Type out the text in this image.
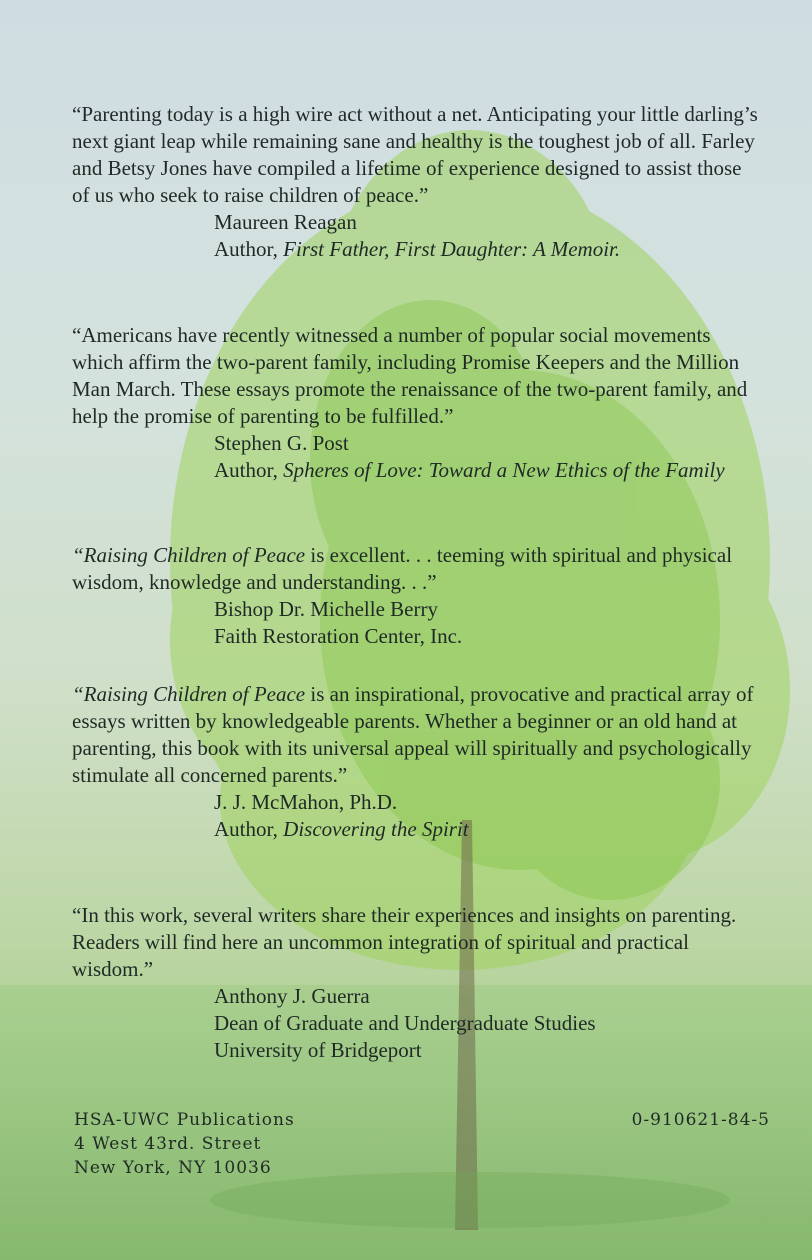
“Parenting today is a high wire act without a net. Anticipating your little darling’s next giant leap while remaining sane and healthy is the toughest job of all. Farley and Betsy Jones have compiled a lifetime of experience designed to assist those of us who seek to raise children of peace.”

Maureen Reagan
Author, First Father, First Daughter: A Memoir.

“Americans have recently witnessed a number of popular social movements which affirm the two-parent family, including Promise Keepers and the Million Man March. These essays promote the renaissance of the two-parent family, and help the promise of parenting to be fulfilled.”

Stephen G. Post
Author, Spheres of Love: Toward a New Ethics of the Family

“Raising Children of Peace is excellent. . . teeming with spiritual and physical wisdom, knowledge and understanding. . .”

Bishop Dr. Michelle Berry
Faith Restoration Center, Inc.

“Raising Children of Peace is an inspirational, provocative and practical array of essays written by knowledgeable parents. Whether a beginner or an old hand at parenting, this book with its universal appeal will spiritually and psychologically stimulate all concerned parents.”

J. J. McMahon, Ph.D.
Author, Discovering the Spirit

“In this work, several writers share their experiences and insights on parenting. Readers will find here an uncommon integration of spiritual and practical wisdom.”

Anthony J. Guerra
Dean of Graduate and Undergraduate Studies
University of Bridgeport
HSA-UWC Publications
4 West 43rd. Street
New York, NY 10036
0-910621-84-5
